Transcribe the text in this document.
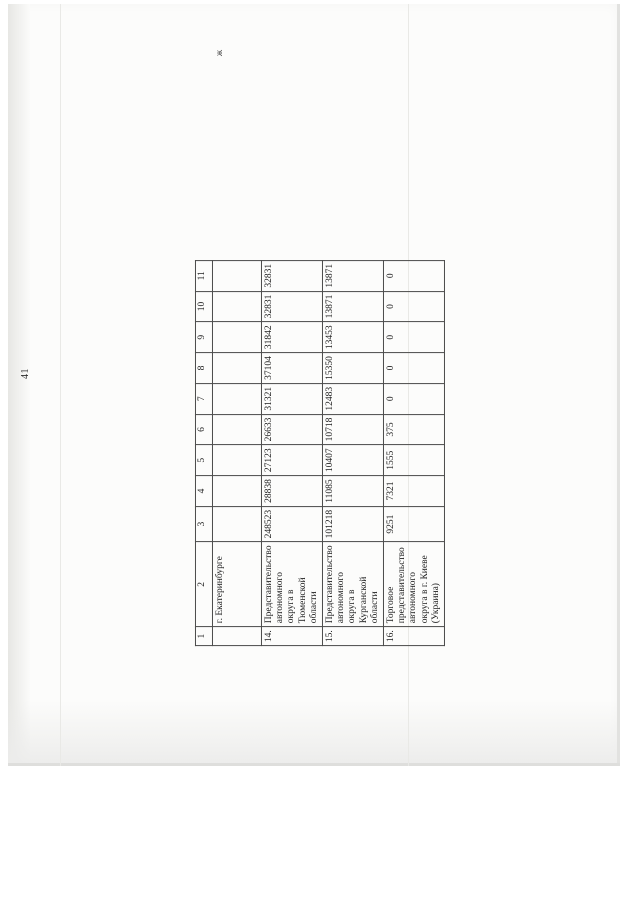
41
ж
1	2	3	4	5	6	7	8	9	10	11
	г. Екатеринбурге									
14.	Представительство автономного округа в Тюменской области	248523	28838	27123	26633	31321	37104	31842	32831	32831
15.	Представительство автономного округа в Курганской области	101218	11085	10407	10718	12483	15350	13453	13871	13871
16.	Торговое представительство автономного округа в г. Киеве (Украина)	9251	7321	1555	375	0	0	0	0	0
